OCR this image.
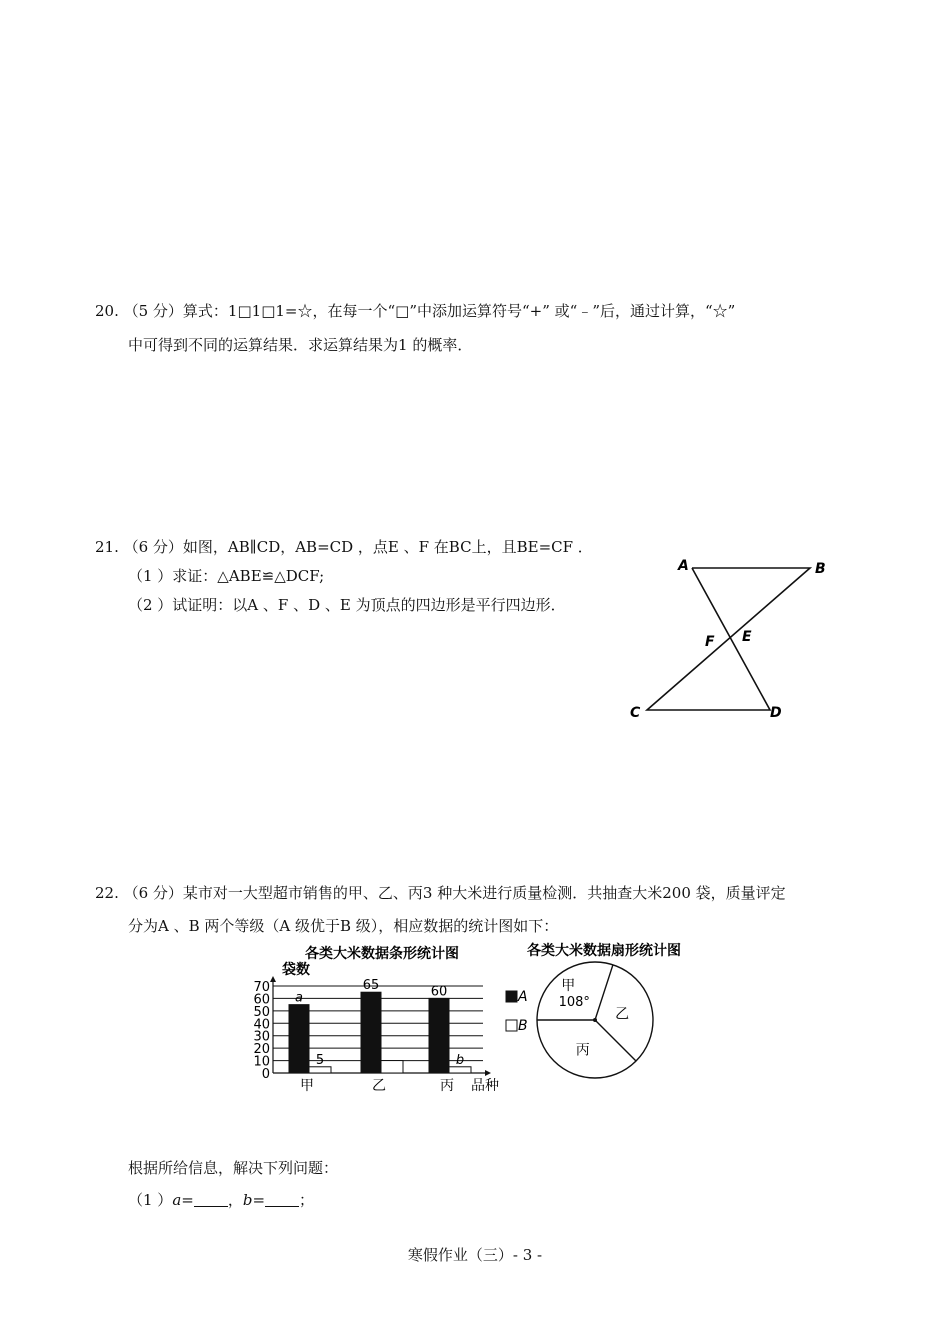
20. （5 分）算式：1□1□1=☆，在每一个“□”中添加运算符号“+” 或“﹣”后，通过计算，“☆”
中可得到不同的运算结果．求运算结果为1 的概率．
21. （6 分）如图，AB∥CD，AB=CD ，点E 、F 在BC上，且BE=CF ．
（1 ）求证：△ABE≌△DCF;
（2 ）试证明：以A 、F 、D 、E 为顶点的四边形是平行四边形．
A	B
F E
C	D
22. （6 分）某市对一大型超市销售的甲、乙、丙3 种大米进行质量检测．共抽查大米200 袋，质量评定
分为A 、B 两个等级（A 级优于B 级），相应数据的统计图如下：
各类大米数据条形统计图
袋数
品种
0
10
20
30
40
50
60
70
a
5
65	60
b
甲	乙	丙
A
B
各类大米数据扇形统计图
甲
108°
乙
丙
根据所给信息，解决下列问题：
（1 ）a= ，b= ；
寒假作业（三）- 3 -
